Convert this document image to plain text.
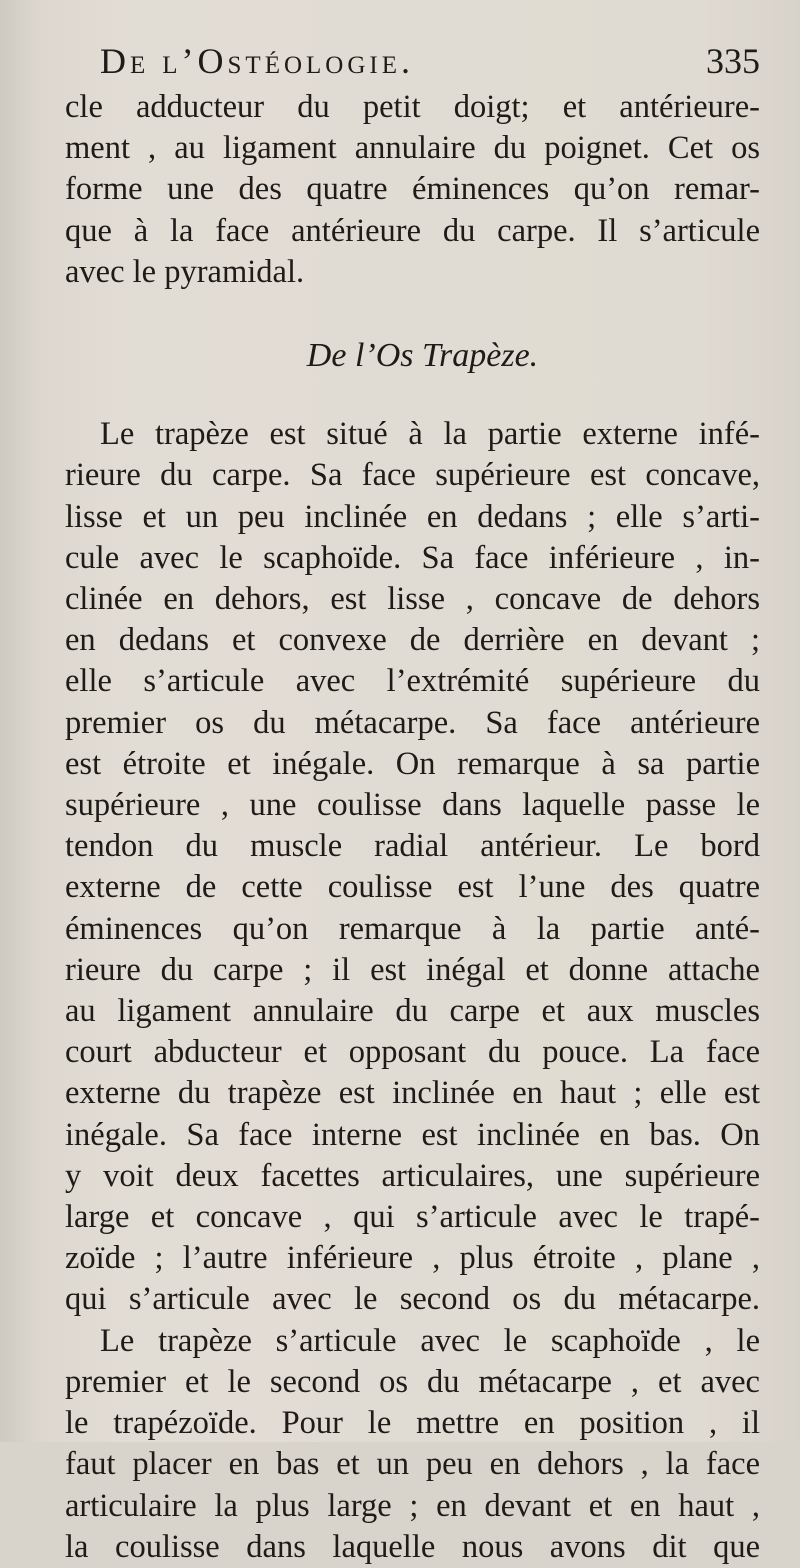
De l’Ostéologie.	335
cle adducteur du petit doigt; et antérieure-
ment , au ligament annulaire du poignet. Cet os
forme une des quatre éminences qu’on remar-
que à la face antérieure du carpe. Il s’articule
avec le pyramidal.
De l’Os Trapèze.
Le trapèze est situé à la partie externe infé-
rieure du carpe. Sa face supérieure est concave,
lisse et un peu inclinée en dedans ; elle s’arti-
cule avec le scaphoïde. Sa face inférieure , in-
clinée en dehors, est lisse , concave de dehors
en dedans et convexe de derrière en devant ;
elle s’articule avec l’extrémité supérieure du
premier os du métacarpe. Sa face antérieure
est étroite et inégale. On remarque à sa partie
supérieure , une coulisse dans laquelle passe le
tendon du muscle radial antérieur. Le bord
externe de cette coulisse est l’une des quatre
éminences qu’on remarque à la partie anté-
rieure du carpe ; il est inégal et donne attache
au ligament annulaire du carpe et aux muscles
court abducteur et opposant du pouce. La face
externe du trapèze est inclinée en haut ; elle est
inégale. Sa face interne est inclinée en bas. On
y voit deux facettes articulaires, une supérieure
large et concave , qui s’articule avec le trapé-
zoïde ; l’autre inférieure , plus étroite , plane ,
qui s’articule avec le second os du métacarpe.
Le trapèze s’articule avec le scaphoïde , le
premier et le second os du métacarpe , et avec
le trapézoïde. Pour le mettre en position , il
faut placer en bas et un peu en dehors , la face
articulaire la plus large ; en devant et en haut ,
la coulisse dans laquelle nous avons dit que
